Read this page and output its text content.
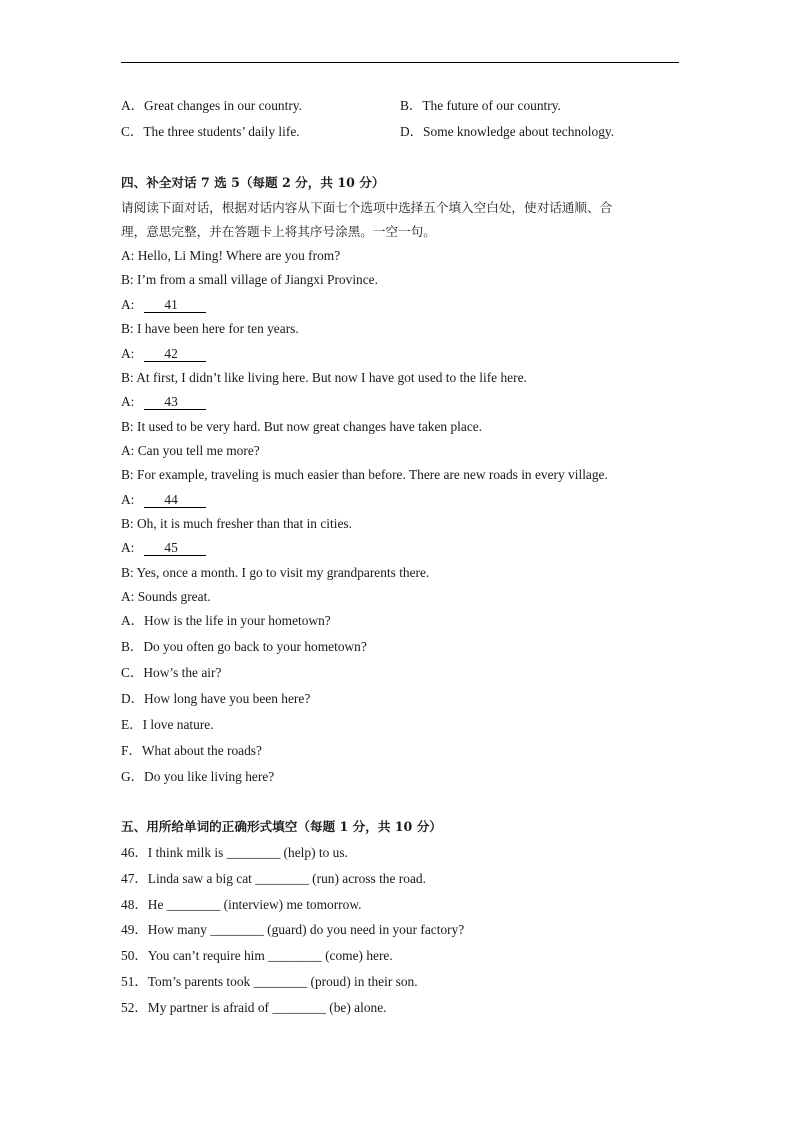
A．Great changes in our country.	B．The future of our country.
C．The three students’ daily life.	D．Some knowledge about technology.
四、补全对话 7 选 5（每题 2 分，共 10 分）
请阅读下面对话，根据对话内容从下面七个选项中选择五个填入空白处，使对话通顺、合
理，意思完整，并在答题卡上将其序号涂黑。一空一句。
A: Hello, Li Ming! Where are you from?
B: I’m from a small village of Jiangxi Province.
A: 41
B: I have been here for ten years.
A: 42
B: At first, I didn’t like living here. But now I have got used to the life here.
A: 43
B: It used to be very hard. But now great changes have taken place.
A: Can you tell me more?
B: For example, traveling is much easier than before. There are new roads in every village.
A: 44
B: Oh, it is much fresher than that in cities.
A: 45
B: Yes, once a month. I go to visit my grandparents there.
A: Sounds great.
A．How is the life in your hometown?
B．Do you often go back to your hometown?
C．How’s the air?
D．How long have you been here?
E．I love nature.
F．What about the roads?
G．Do you like living here?
五、用所给单词的正确形式填空（每题 1 分，共 10 分）
46．I think milk is ________ (help) to us.
47．Linda saw a big cat ________ (run) across the road.
48．He ________ (interview) me tomorrow.
49．How many ________ (guard) do you need in your factory?
50．You can’t require him ________ (come) here.
51．Tom’s parents took ________ (proud) in their son.
52．My partner is afraid of ________ (be) alone.
